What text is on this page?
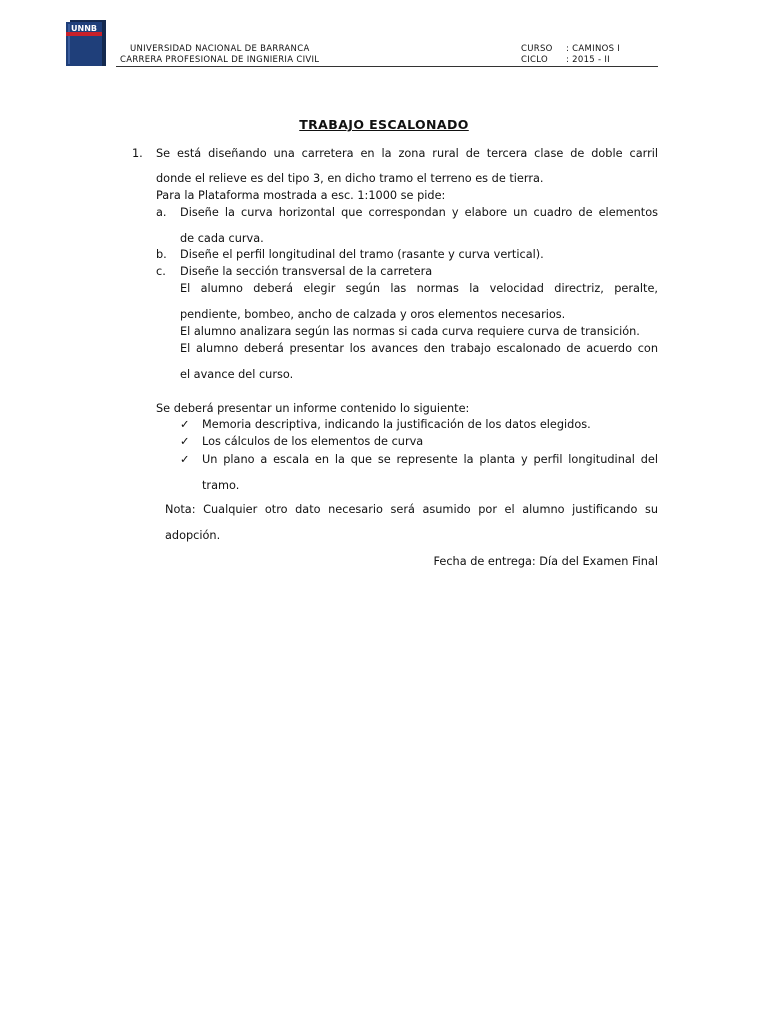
UNNB
UNIVERSIDAD NACIONAL DE BARRANCA
CARRERA PROFESIONAL DE INGNIERIA CIVIL
CURSO : CAMINOS I
CICLO : 2015 - II
TRABAJO ESCALONADO
1. Se está diseñando una carretera en la zona rural de tercera clase de doble carril
donde el relieve es del tipo 3, en dicho tramo el terreno es de tierra.
Para la Plataforma mostrada a esc. 1:1000 se pide:
a. Diseñe la curva horizontal que correspondan y elabore un cuadro de elementos
de cada curva.
b. Diseñe el perfil longitudinal del tramo (rasante y curva vertical).
c. Diseñe la sección transversal de la carretera
El alumno deberá elegir según las normas la velocidad directriz, peralte,
pendiente, bombeo, ancho de calzada y oros elementos necesarios.
El alumno analizara según las normas si cada curva requiere curva de transición.
El alumno deberá presentar los avances den trabajo escalonado de acuerdo con
el avance del curso.
Se deberá presentar un informe contenido lo siguiente:
✓ Memoria descriptiva, indicando la justificación de los datos elegidos.
✓ Los cálculos de los elementos de curva
✓ Un plano a escala en la que se represente la planta y perfil longitudinal del
tramo.
Nota: Cualquier otro dato necesario será asumido por el alumno justificando su
adopción.
Fecha de entrega: Día del Examen Final
